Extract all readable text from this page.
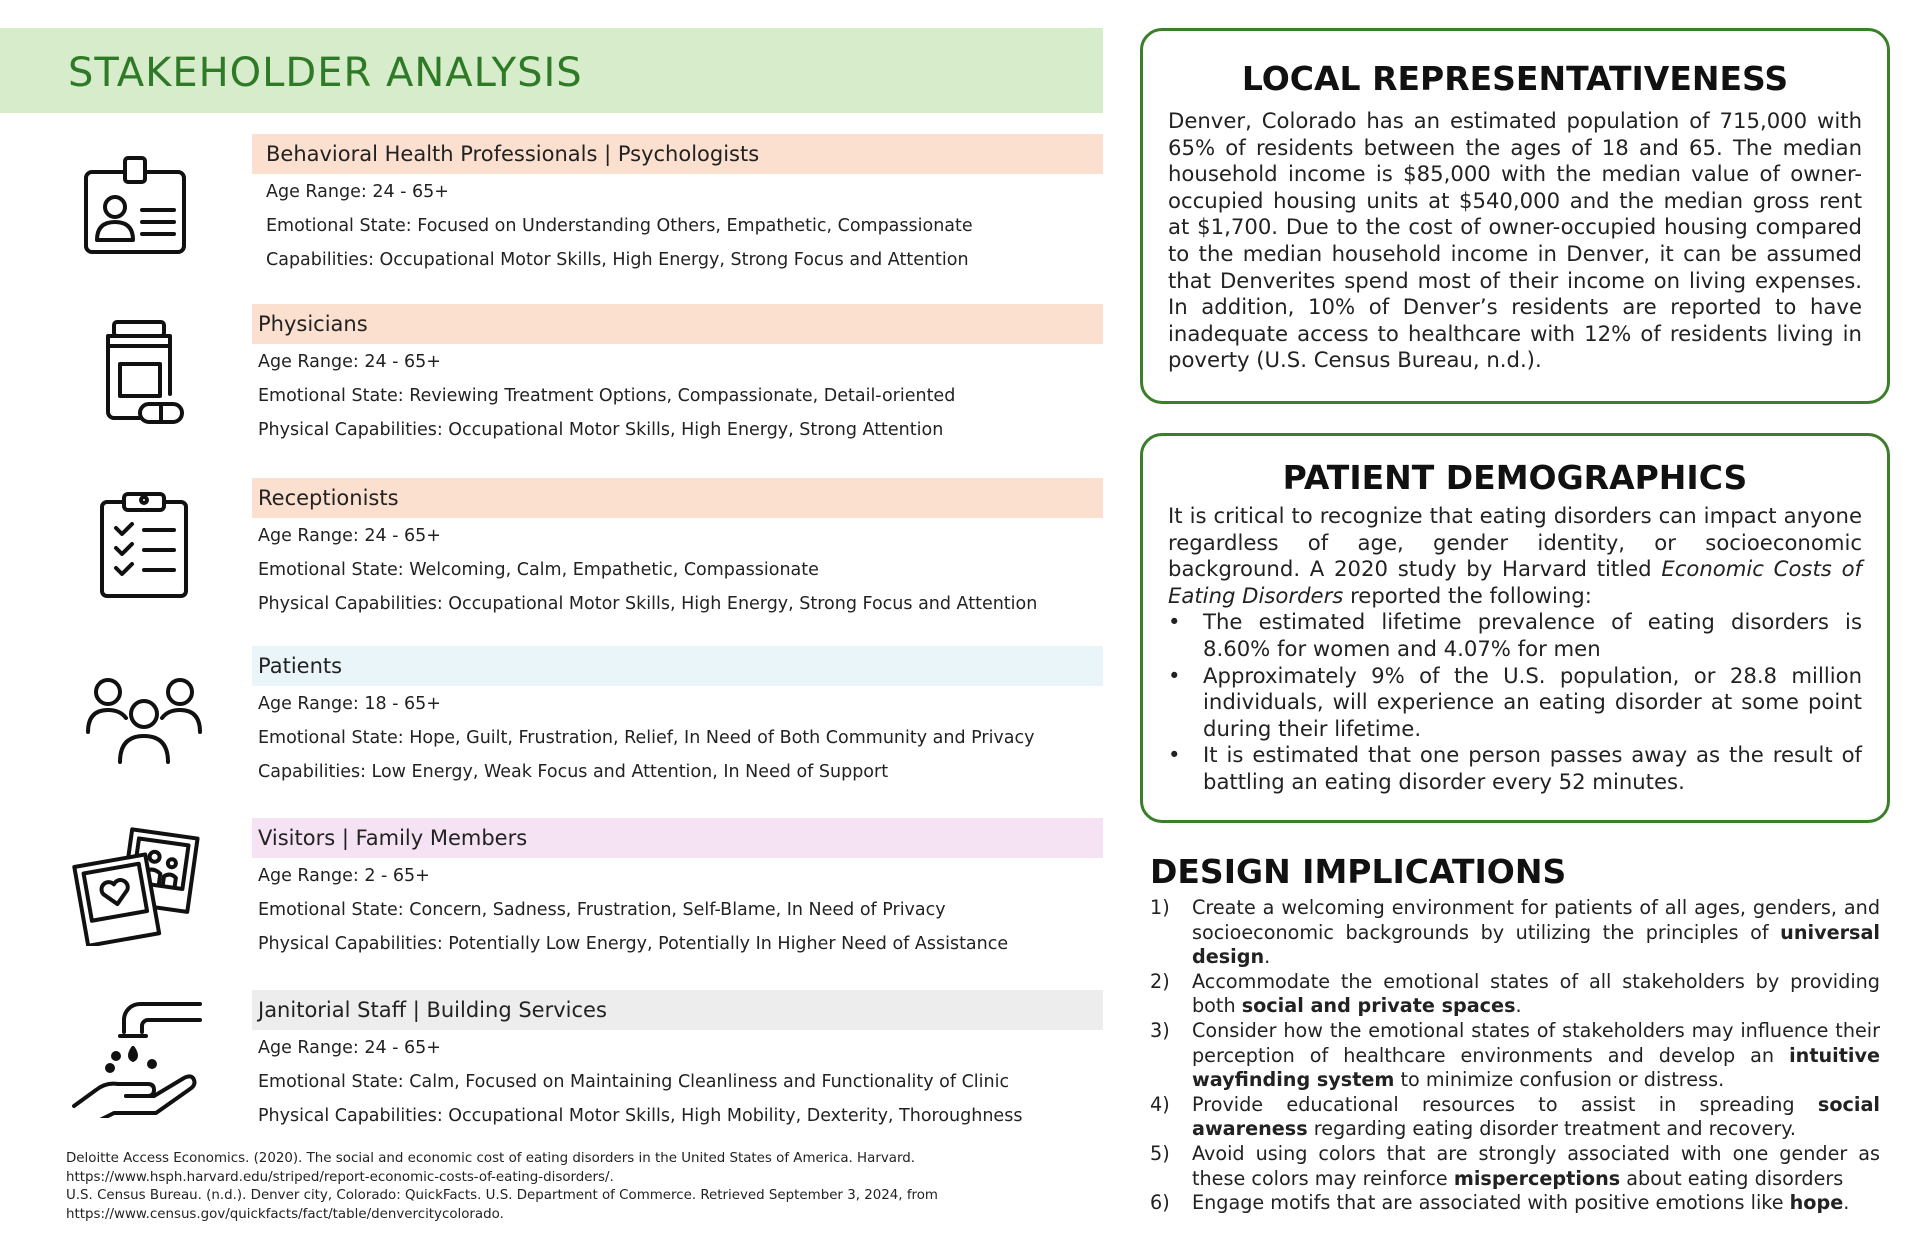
STAKEHOLDER ANALYSIS
Behavioral Health Professionals | Psychologists
Age Range: 24 - 65+
Emotional State: Focused on Understanding Others, Empathetic, Compassionate
Capabilities: Occupational Motor Skills, High Energy, Strong Focus and Attention
Physicians
Age Range: 24 - 65+
Emotional State: Reviewing Treatment Options, Compassionate, Detail-oriented
Physical Capabilities: Occupational Motor Skills, High Energy, Strong Attention
Receptionists
Age Range: 24 - 65+
Emotional State: Welcoming, Calm, Empathetic, Compassionate
Physical Capabilities: Occupational Motor Skills, High Energy, Strong Focus and Attention
Patients
Age Range: 18 - 65+
Emotional State: Hope, Guilt, Frustration, Relief, In Need of Both Community and Privacy
Capabilities: Low Energy, Weak Focus and Attention, In Need of Support
Visitors | Family Members
Age Range: 2 - 65+
Emotional State: Concern, Sadness, Frustration, Self-Blame, In Need of Privacy
Physical Capabilities: Potentially Low Energy, Potentially In Higher Need of Assistance
Janitorial Staff | Building Services
Age Range: 24 - 65+
Emotional State: Calm, Focused on Maintaining Cleanliness and Functionality of Clinic
Physical Capabilities: Occupational Motor Skills, High Mobility, Dexterity, Thoroughness
Deloitte Access Economics. (2020). The social and economic cost of eating disorders in the United States of America. Harvard.
https://www.hsph.harvard.edu/striped/report-economic-costs-of-eating-disorders/.
U.S. Census Bureau. (n.d.). Denver city, Colorado: QuickFacts. U.S. Department of Commerce. Retrieved September 3, 2024, from
https://www.census.gov/quickfacts/fact/table/denvercitycolorado.
LOCAL REPRESENTATIVENESS

Denver, Colorado has an estimated population of 715,000 with 65% of residents between the ages of 18 and 65. The median household income is $85,000 with the median value of owner-occupied housing units at $540,000 and the median gross rent at $1,700. Due to the cost of owner-occupied housing compared to the median household income in Denver, it can be assumed that Denverites spend most of their income on living expenses. In addition, 10% of Denver’s residents are reported to have inadequate access to healthcare with 12% of residents living in poverty (U.S. Census Bureau, n.d.).

PATIENT DEMOGRAPHICS

It is critical to recognize that eating disorders can impact anyone regardless of age, gender identity, or socioeconomic background. A 2020 study by Harvard titled Economic Costs of Eating Disorders reported the following:

• The estimated lifetime prevalence of eating disorders is 8.60% for women and 4.07% for men
• Approximately 9% of the U.S. population, or 28.8 million individuals, will experience an eating disorder at some point during their lifetime.
• It is estimated that one person passes away as the result of battling an eating disorder every 52 minutes.
DESIGN IMPLICATIONS
1) Create a welcoming environment for patients of all ages, genders, and socioeconomic backgrounds by utilizing the principles of universal design.
2) Accommodate the emotional states of all stakeholders by providing both social and private spaces.
3) Consider how the emotional states of stakeholders may influence their perception of healthcare environments and develop an intuitive wayfinding system to minimize confusion or distress.
4) Provide educational resources to assist in spreading social awareness regarding eating disorder treatment and recovery.
5) Avoid using colors that are strongly associated with one gender as these colors may reinforce misperceptions about eating disorders
6) Engage motifs that are associated with positive emotions like hope.
